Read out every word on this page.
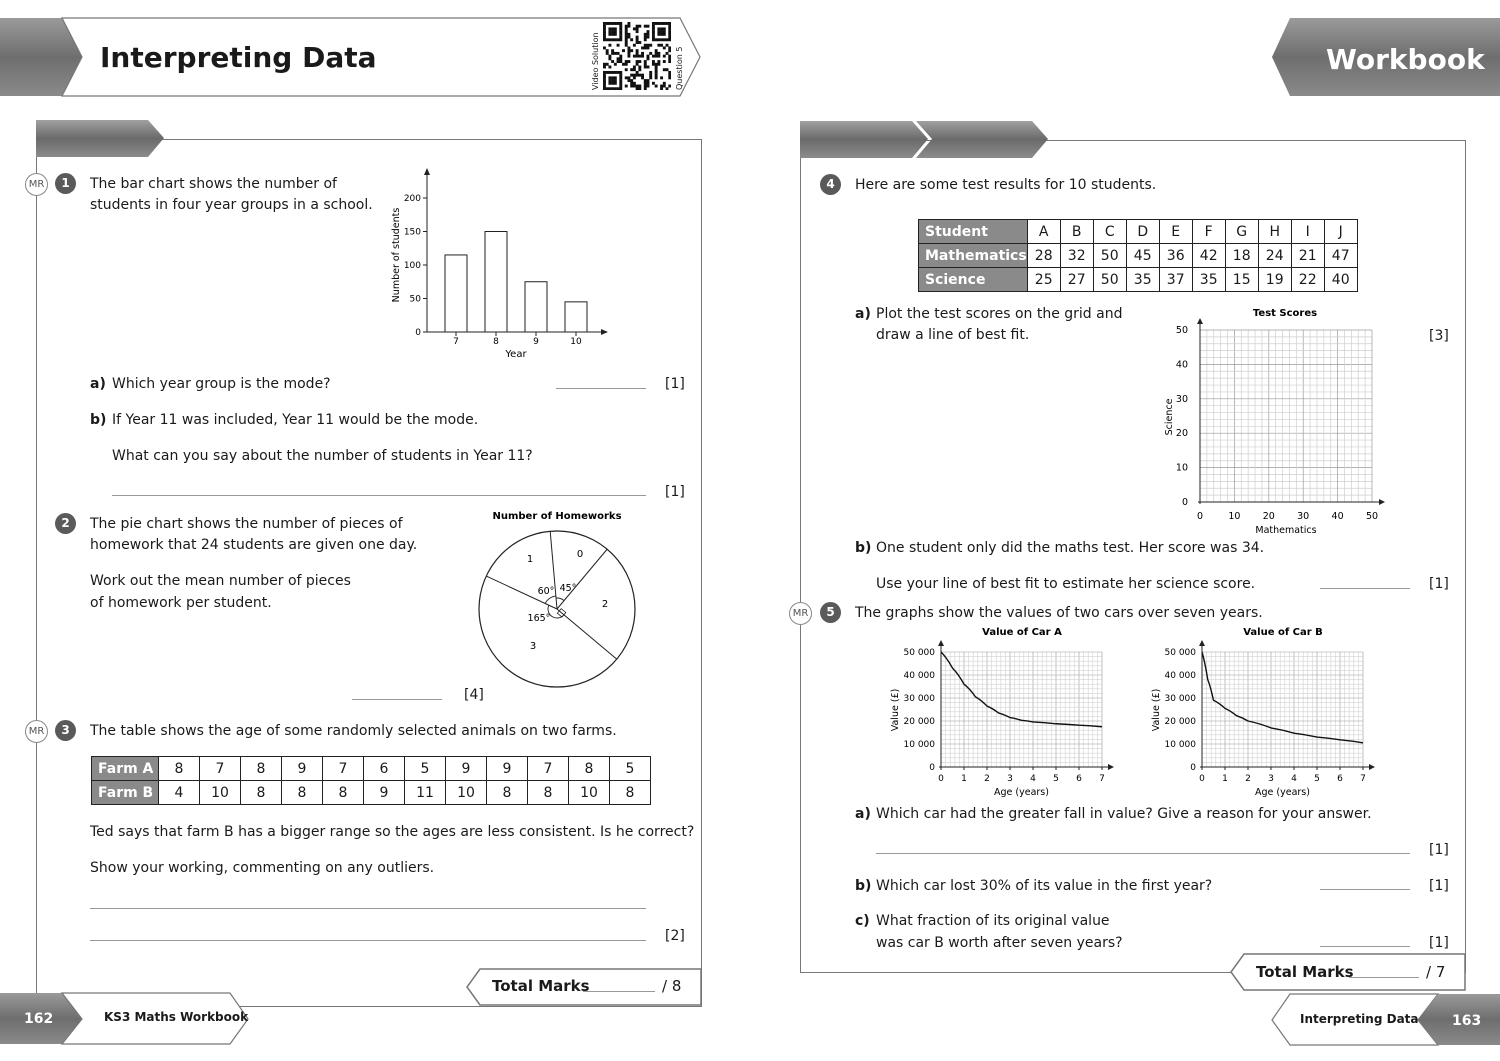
Interpreting Data	Workbook
Video Solution	Question 5
MR	1	The bar chart shows the number of
students in four year groups in a school.
0
50
100
150
200
7	8	9	10
Year
Number of students
a) Which year group is the mode?	[1]
b) If Year 11 was included, Year 11 would be the mode.
What can you say about the number of students in Year 11?
[1]
2	The pie chart shows the number of pieces of
homework that 24 students are given one day.
Work out the mean number of pieces
of homework per student.
Number of Homeworks
0
1
2
3
45°
60°
165°
[4]
MR	3	The table shows the age of some randomly selected animals on two farms.
Farm A	8	7	8	9	7	6	5	9	9	7	8	5
Farm B	4	10	8	8	8	9	11	10	8	8	10	8
Ted says that farm B has a bigger range so the ages are less consistent. Is he correct?
Show your working, commenting on any outliers.
[2]
Total Marks	/ 8
162	KS3 Maths Workbook
4	Here are some test results for 10 students.
Student	A	B	C	D	E	F	G	H	I	J
Mathematics	28	32	50	45	36	42	18	24	21	47
Science	25	27	50	35	37	35	15	19	22	40
a) Plot the test scores on the grid and
draw a line of best fit.	[3]
Test Scores
0	10 20 30 40 50
0
10
20
30
40
50
Mathematics
Science
b) One student only did the maths test. Her score was 34.
Use your line of best fit to estimate her science score.	[1]
MR	5	The graphs show the values of two cars over seven years.
Value of Car A
0 1 2 3 4 5 6 7
0
10 000
20 000
30 000
40 000
50 000
Age (years)
Value (£)
Value of Car B
0 1 2 3 4 5 6 7
0
10 000
20 000
30 000
40 000
50 000
Age (years)
Value (£)
a) Which car had the greater fall in value? Give a reason for your answer.
[1]
b) Which car lost 30% of its value in the first year?	[1]
c) What fraction of its original value
was car B worth after seven years?	[1]
Total Marks	/ 7
Interpreting Data 163
